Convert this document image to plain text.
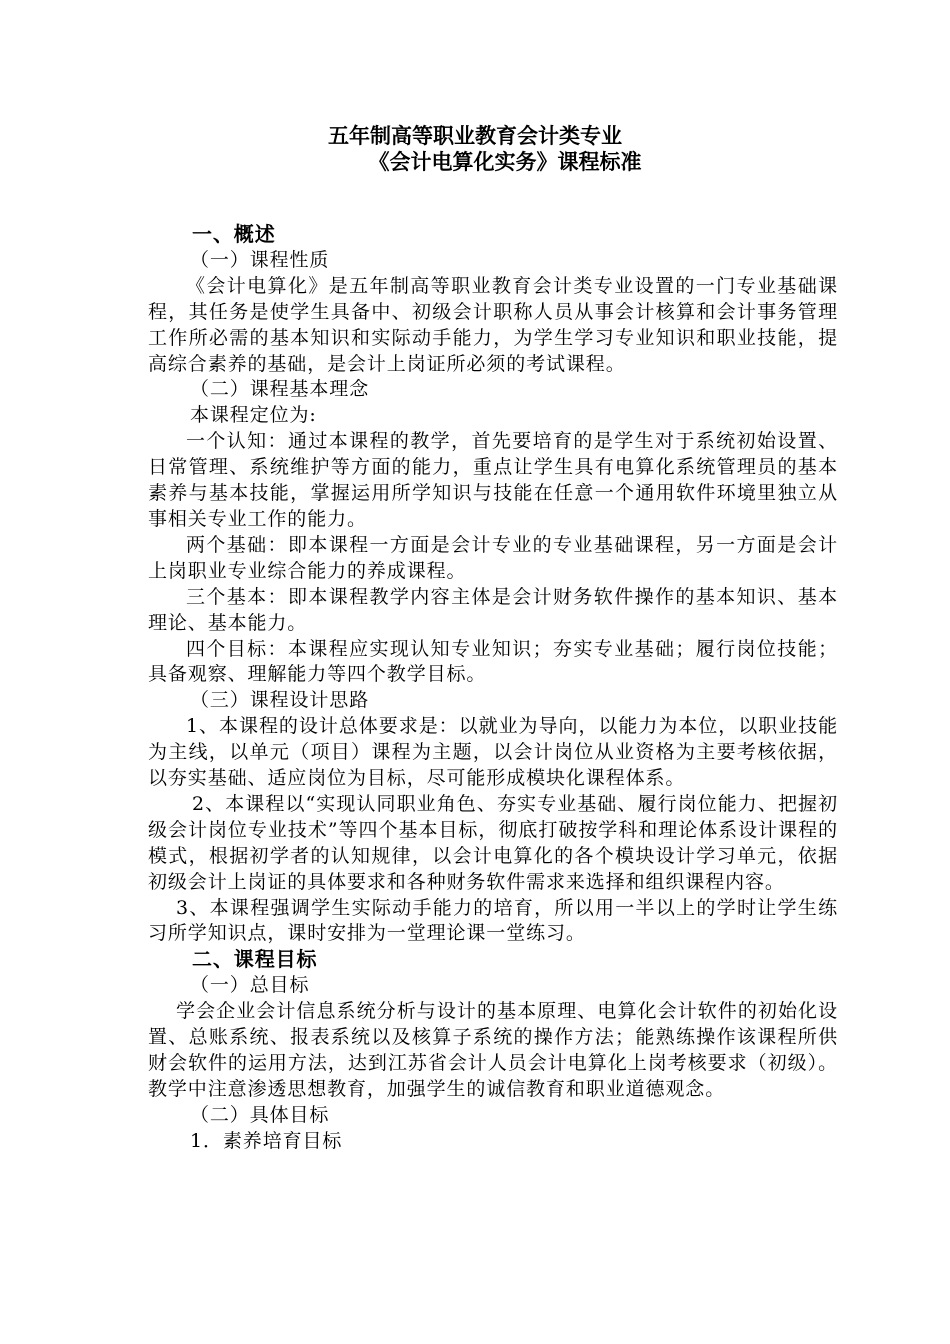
五年制高等职业教育会计类专业
《会计电算化实务》课程标准

一、概述

（一）课程性质

《会计电算化》是五年制高等职业教育会计类专业设置的一门专业基础课程，其任务是使学生具备中、初级会计职称人员从事会计核算和会计事务管理工作所必需的基本知识和实际动手能力，为学生学习专业知识和职业技能，提高综合素养的基础，是会计上岗证所必须的考试课程。

（二）课程基本理念

本课程定位为:

一个认知：通过本课程的教学，首先要培育的是学生对于系统初始设置、日常管理、系统维护等方面的能力，重点让学生具有电算化系统管理员的基本素养与基本技能，掌握运用所学知识与技能在任意一个通用软件环境里独立从事相关专业工作的能力。

两个基础：即本课程一方面是会计专业的专业基础课程，另一方面是会计上岗职业专业综合能力的养成课程。

三个基本：即本课程教学内容主体是会计财务软件操作的基本知识、基本理论、基本能力。

四个目标：本课程应实现认知专业知识；夯实专业基础；履行岗位技能；具备观察、理解能力等四个教学目标。

（三）课程设计思路

1、本课程的设计总体要求是：以就业为导向，以能力为本位，以职业技能为主线，以单元（项目）课程为主题，以会计岗位从业资格为主要考核依据，以夯实基础、适应岗位为目标，尽可能形成模块化课程体系。

2、本课程以“实现认同职业角色、夯实专业基础、履行岗位能力、把握初级会计岗位专业技术”等四个基本目标，彻底打破按学科和理论体系设计课程的模式，根据初学者的认知规律，以会计电算化的各个模块设计学习单元，依据初级会计上岗证的具体要求和各种财务软件需求来选择和组织课程内容。

3、本课程强调学生实际动手能力的培育，所以用一半以上的学时让学生练习所学知识点，课时安排为一堂理论课一堂练习。

二、课程目标

（一）总目标

学会企业会计信息系统分析与设计的基本原理、电算化会计软件的初始化设置、总账系统、报表系统以及核算子系统的操作方法；能熟练操作该课程所供财会软件的运用方法，达到江苏省会计人员会计电算化上岗考核要求（初级）。教学中注意渗透思想教育，加强学生的诚信教育和职业道德观念。

（二）具体目标

1．素养培育目标
